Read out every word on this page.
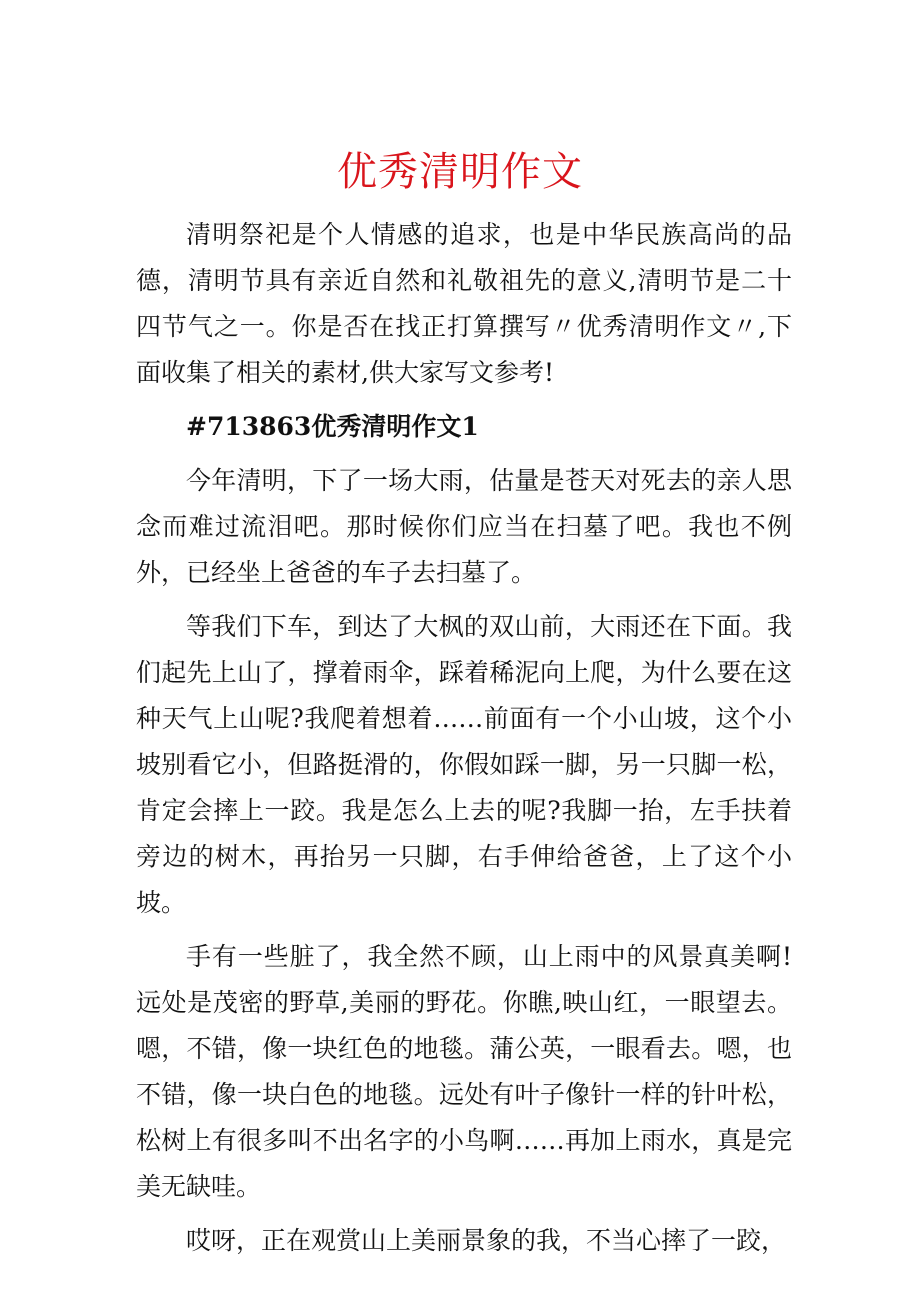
优秀清明作文

清明祭祀是个人情感的追求，也是中华民族高尚的品德，清明节具有亲近自然和礼敬祖先的意义,清明节是二十四节气之一。你是否在找正打算撰写〃优秀清明作文〃,下面收集了相关的素材,供大家写文参考!

#713863优秀清明作文1

今年清明，下了一场大雨，估量是苍天对死去的亲人思念而难过流泪吧。那时候你们应当在扫墓了吧。我也不例外，已经坐上爸爸的车子去扫墓了。

等我们下车，到达了大枫的双山前，大雨还在下面。我们起先上山了，撑着雨伞，踩着稀泥向上爬，为什么要在这种天气上山呢?我爬着想着……前面有一个小山坡，这个小坡别看它小，但路挺滑的，你假如踩一脚，另一只脚一松，肯定会摔上一跤。我是怎么上去的呢?我脚一抬，左手扶着旁边的树木，再抬另一只脚，右手伸给爸爸，上了这个小坡。

手有一些脏了，我全然不顾，山上雨中的风景真美啊!远处是茂密的野草,美丽的野花。你瞧,映山红，一眼望去。嗯，不错，像一块红色的地毯。蒲公英，一眼看去。嗯，也不错，像一块白色的地毯。远处有叶子像针一样的针叶松，松树上有很多叫不出名字的小鸟啊……再加上雨水，真是完美无缺哇。

哎呀，正在观赏山上美丽景象的我，不当心摔了一跤，
